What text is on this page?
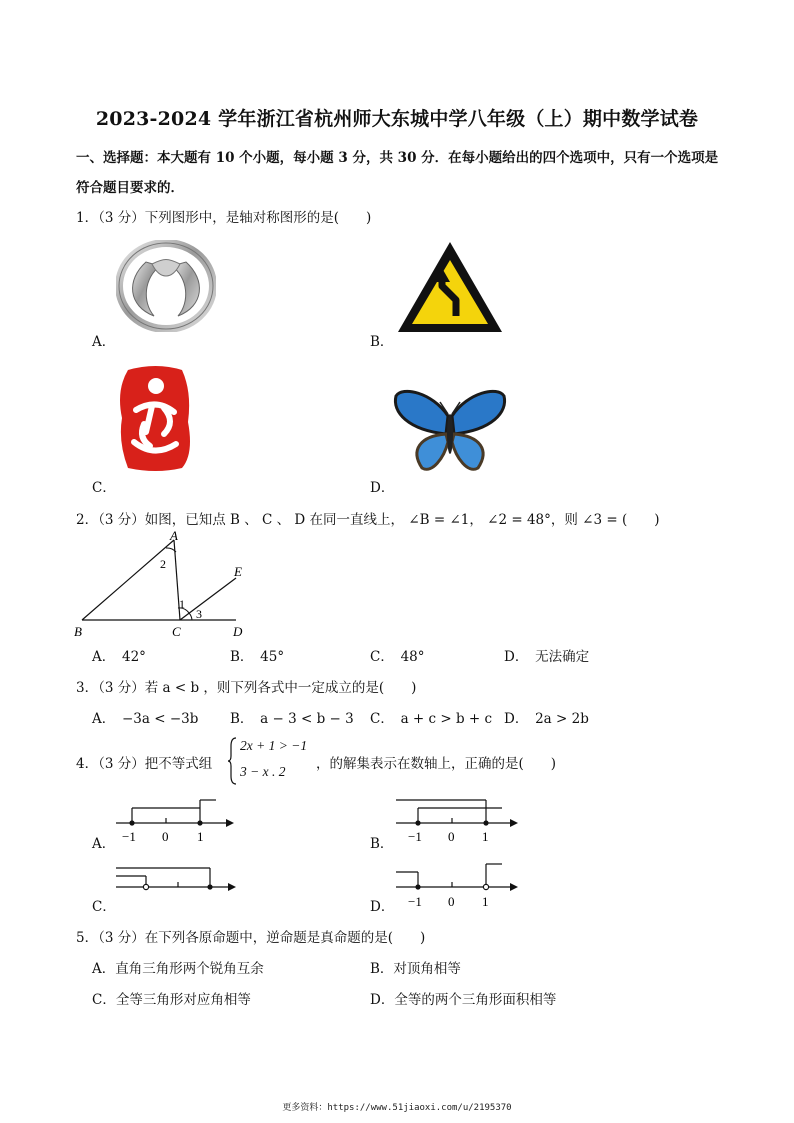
2023-2024 学年浙江省杭州师大东城中学八年级（上）期中数学试卷
一、选择题：本大题有 10 个小题，每小题 3 分，共 30 分．在每小题给出的四个选项中，只有一个选项是
符合题目要求的．
1．（3 分）下列图形中，是轴对称图形的是(　　)
A．	B．
C．	D．
2．（3 分）如图，已知点 B 、 C 、 D 在同一直线上， ∠B = ∠1， ∠2 = 48°，则 ∠3 = (　　)
A
B	C	D
E
1
2
3
A．　42°	B．　45°	C．　48°	D．　无法确定
3．（3 分）若 a < b ，则下列各式中一定成立的是(　　)
A．　−3a < −3b B．　a − 3 < b − 3 C．　a + c > b + c D．　2a > 2b
4．（3 分）把不等式组
2x + 1 > −1
3 − x . 2 ，的解集表示在数轴上，正确的是(　　)
−1 0 1
A．	−1 0 1
B．
C．	−1 0 1
D．
5．（3 分）在下列各原命题中，逆命题是真命题的是(　　)
A．直角三角形两个锐角互余	B．对顶角相等
C．全等三角形对应角相等	D．全等的两个三角形面积相等
更多资料：https://www.51jiaoxi.com/u/2195370
